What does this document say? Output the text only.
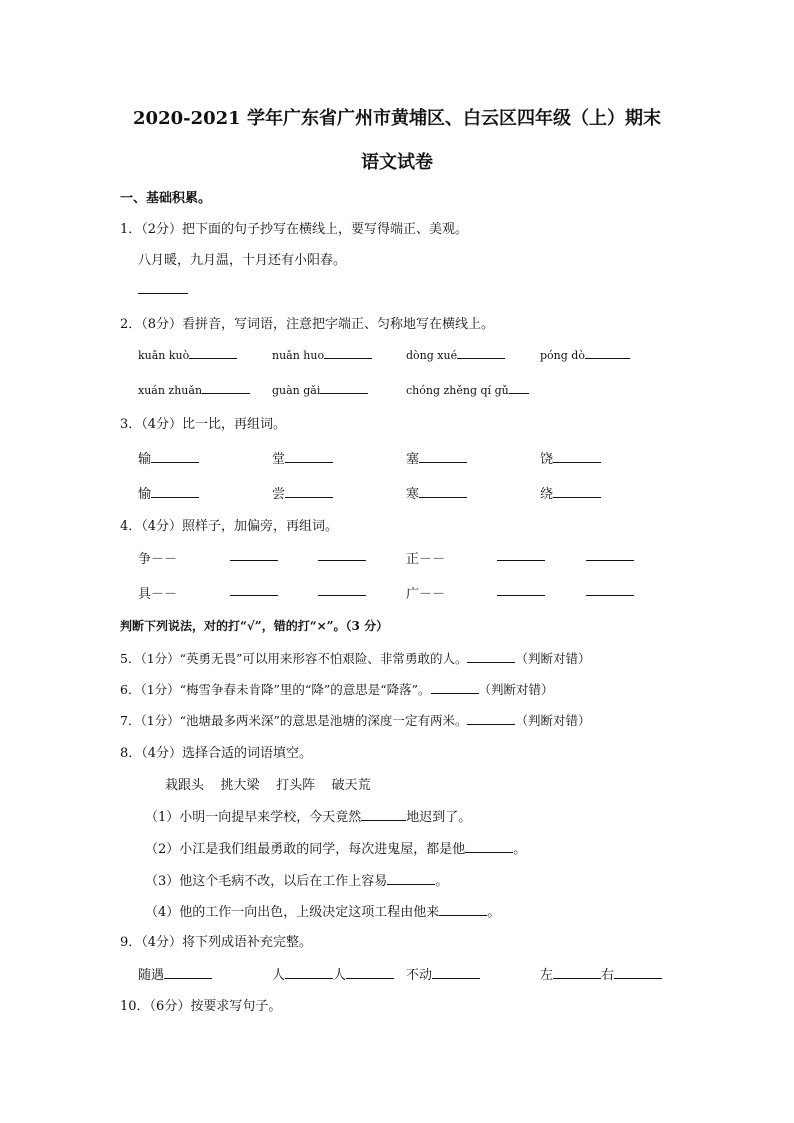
2020-2021 学年广东省广州市黄埔区、白云区四年级（上）期末
语文试卷
一、基础积累。
1．（2分）把下面的句子抄写在横线上，要写得端正、美观。
八月暖，九月温，十月还有小阳春。
2．（8分）看拼音，写词语，注意把字端正、匀称地写在横线上。
kuǎn kuò	nuǎn huo	dòng xué	póng dò
xuán zhuǎn	guàn gǎi	chóng zhěng qí gǔ
3．（4分）比一比，再组词。
输	堂	塞	饶
愉	尝	寒	绕
4．（4分）照样子，加偏旁，再组词。
争－－	正－－
具－－	广－－
判断下列说法，对的打“√”，错的打“×”。（3 分）
5．（1分）“英勇无畏”可以用来形容不怕艰险、非常勇敢的人。	（判断对错）
6．（1分）“梅雪争春未肯降”里的“降”的意思是“降落”。	（判断对错）
7．（1分）“池塘最多两米深”的意思是池塘的深度一定有两米。	（判断对错）
8．（4分）选择合适的词语填空。
栽跟头 挑大梁 打头阵 破天荒
（1）小明一向提早来学校，今天竟然	地迟到了。
（2）小江是我们组最勇敢的同学，每次进鬼屋，都是他	。
（3）他这个毛病不改，以后在工作上容易	。
（4）他的工作一向出色，上级决定这项工程由他来	。
9．（4分）将下列成语补充完整。
随遇	人	人	不动	左	右
10．（6分）按要求写句子。
